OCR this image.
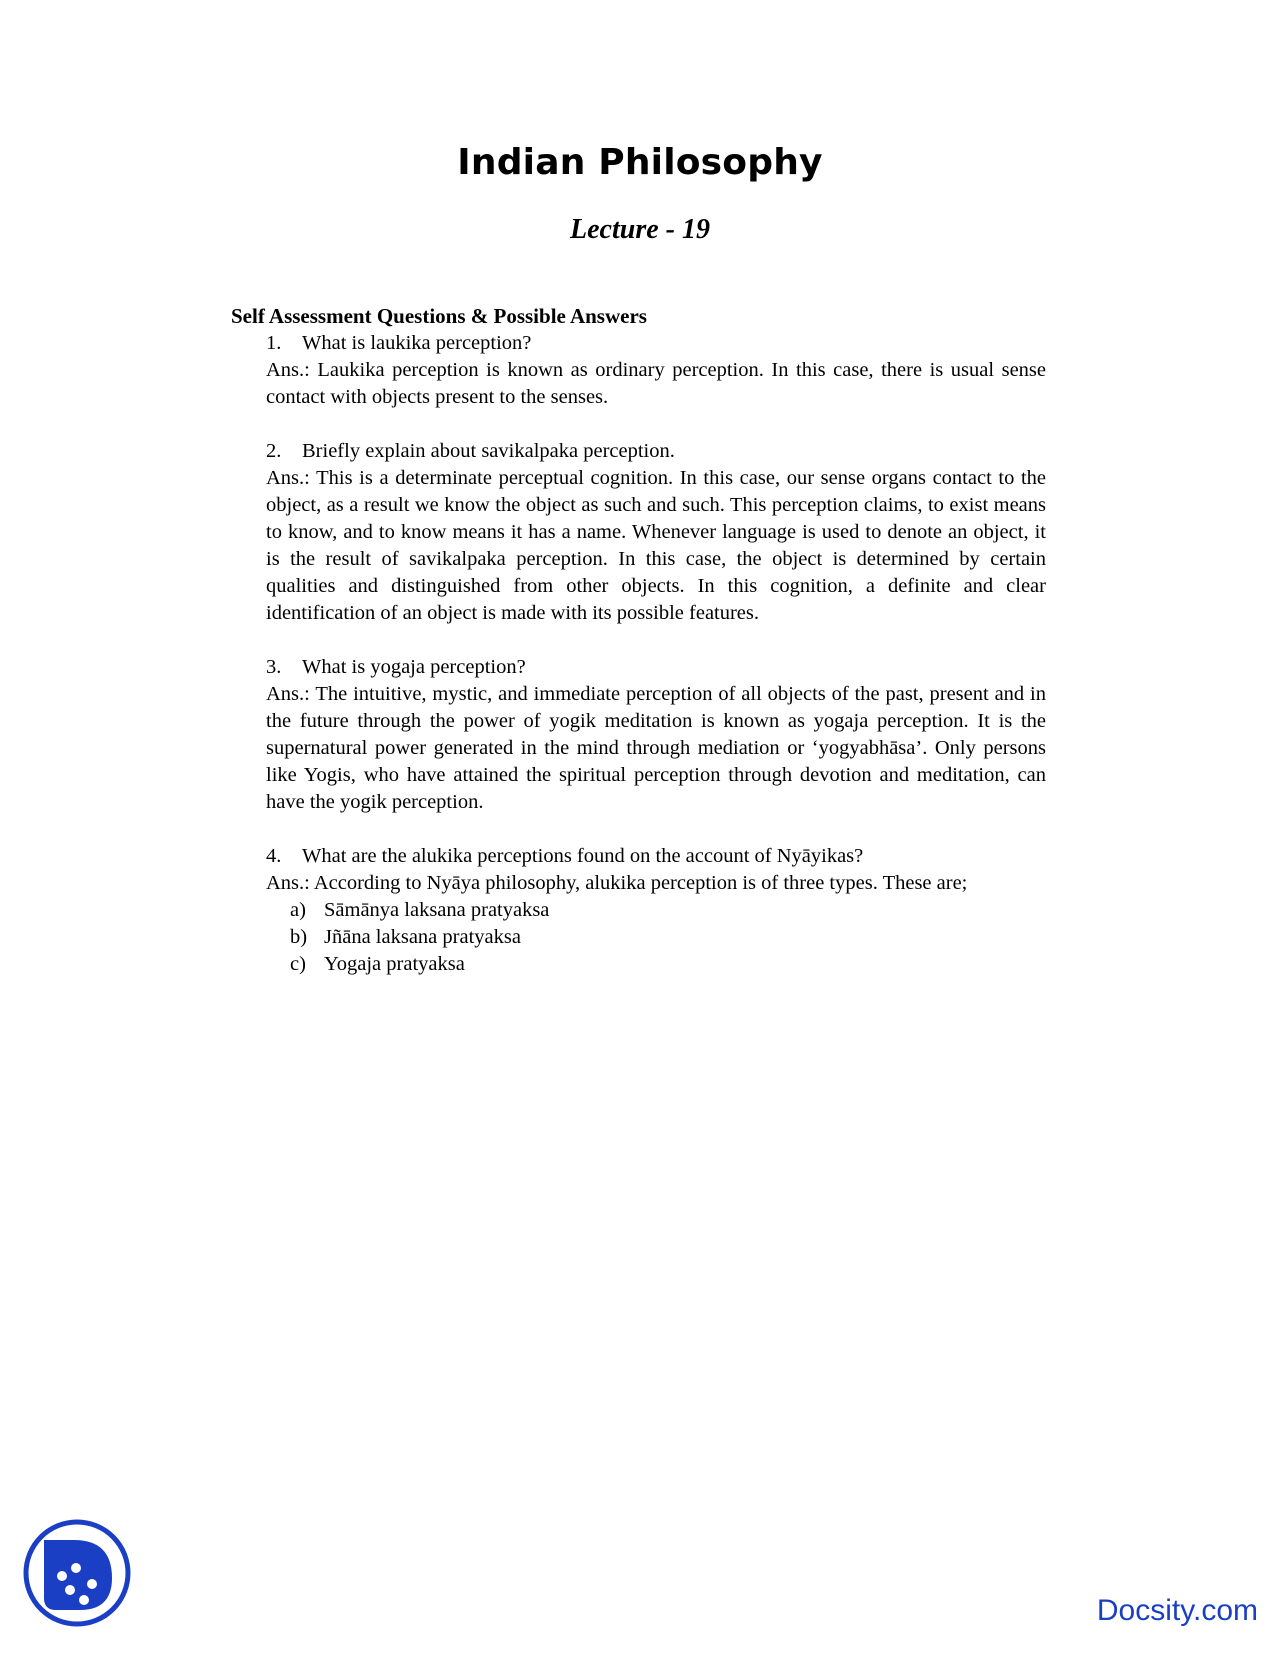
Indian Philosophy
Lecture - 19
Self Assessment Questions & Possible Answers
1.	What is laukika perception?
Ans.: Laukika perception is known as ordinary perception. In this case, there is usual sense contact with objects present to the senses.
2.	Briefly explain about savikalpaka perception.
Ans.: This is a determinate perceptual cognition. In this case, our sense organs contact to the object, as a result we know the object as such and such. This perception claims, to exist means to know, and to know means it has a name. Whenever language is used to denote an object, it is the result of savikalpaka perception. In this case, the object is determined by certain qualities and distinguished from other objects. In this cognition, a definite and clear identification of an object is made with its possible features.
3.	What is yogaja perception?
Ans.: The intuitive, mystic, and immediate perception of all objects of the past, present and in the future through the power of yogik meditation is known as yogaja perception. It is the supernatural power generated in the mind through mediation or ‘yogyabhāsa’. Only persons like Yogis, who have attained the spiritual perception through devotion and meditation, can have the yogik perception.
4.	What are the alukika perceptions found on the account of Nyāyikas?
Ans.: According to Nyāya philosophy, alukika perception is of three types. These are;
a) Sāmānya laksana pratyaksa
b) Jñāna laksana pratyaksa
c) Yogaja pratyaksa
Docsity.com
